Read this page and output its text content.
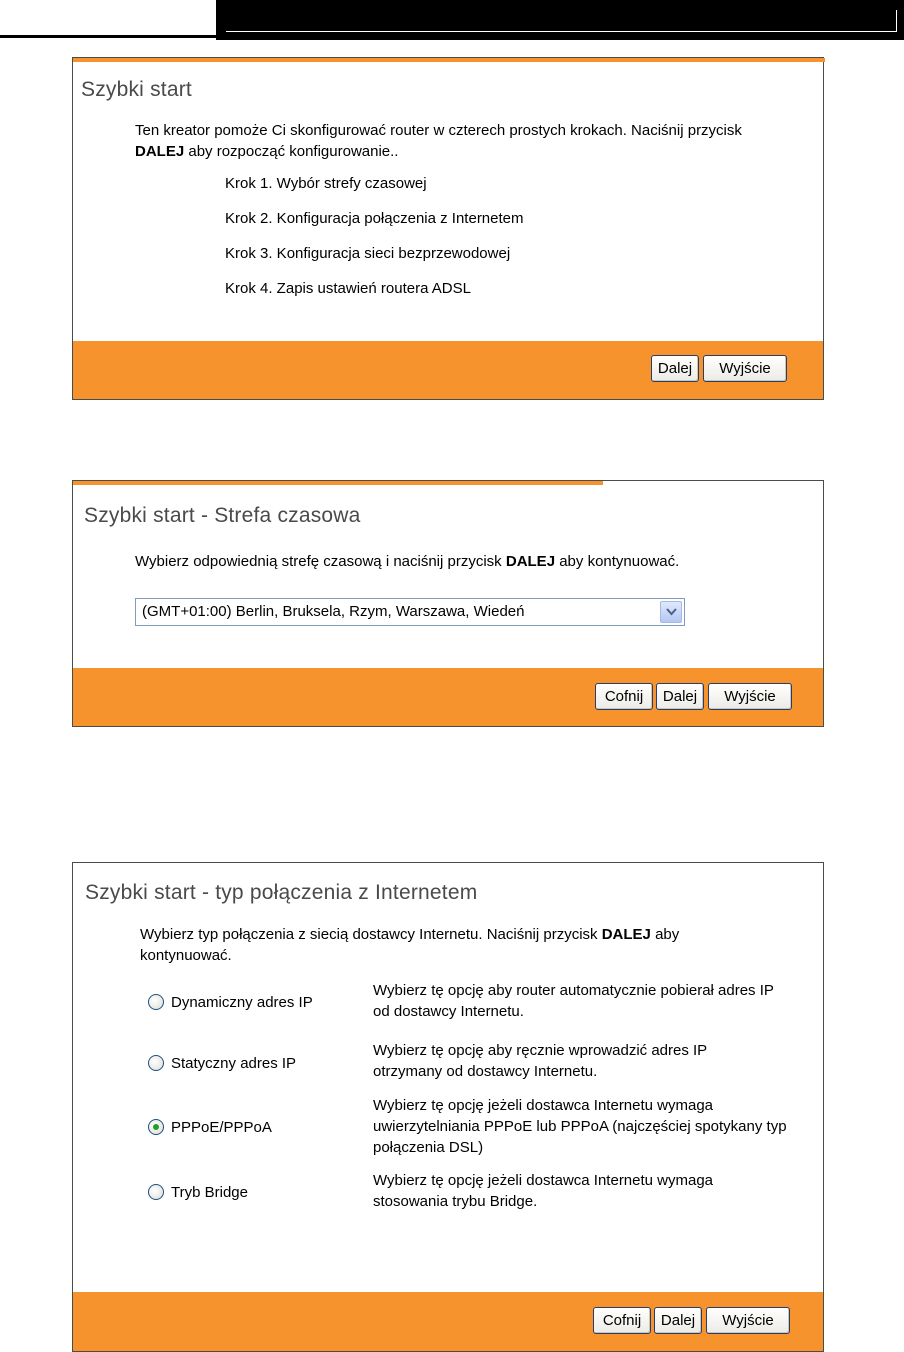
Szybki start
Ten kreator pomoże Ci skonfigurować router w czterech prostych krokach. Naciśnij przycisk
DALEJ aby rozpocząć konfigurowanie..
Krok 1. Wybór strefy czasowej
Krok 2. Konfiguracja połączenia z Internetem
Krok 3. Konfiguracja sieci bezprzewodowej
Krok 4. Zapis ustawień routera ADSL
Dalej	Wyjście
Szybki start - Strefa czasowa
Wybierz odpowiednią strefę czasową i naciśnij przycisk DALEJ aby kontynuować.
(GMT+01:00) Berlin, Bruksela, Rzym, Warszawa, Wiedeń
Cofnij	Dalej	Wyjście
Szybki start - typ połączenia z Internetem
Wybierz typ połączenia z siecią dostawcy Internetu. Naciśnij przycisk DALEJ aby
kontynuować.
Dynamiczny adres IP
Wybierz tę opcję aby router automatycznie pobierał adres IP
od dostawcy Internetu.
Statyczny adres IP
Wybierz tę opcję aby ręcznie wprowadzić adres IP
otrzymany od dostawcy Internetu.
PPPoE/PPPoA
Wybierz tę opcję jeżeli dostawca Internetu wymaga
uwierzytelniania PPPoE lub PPPoA (najczęściej spotykany typ
połączenia DSL)
Tryb Bridge
Wybierz tę opcję jeżeli dostawca Internetu wymaga
stosowania trybu Bridge.
Cofnij	Dalej	Wyjście
